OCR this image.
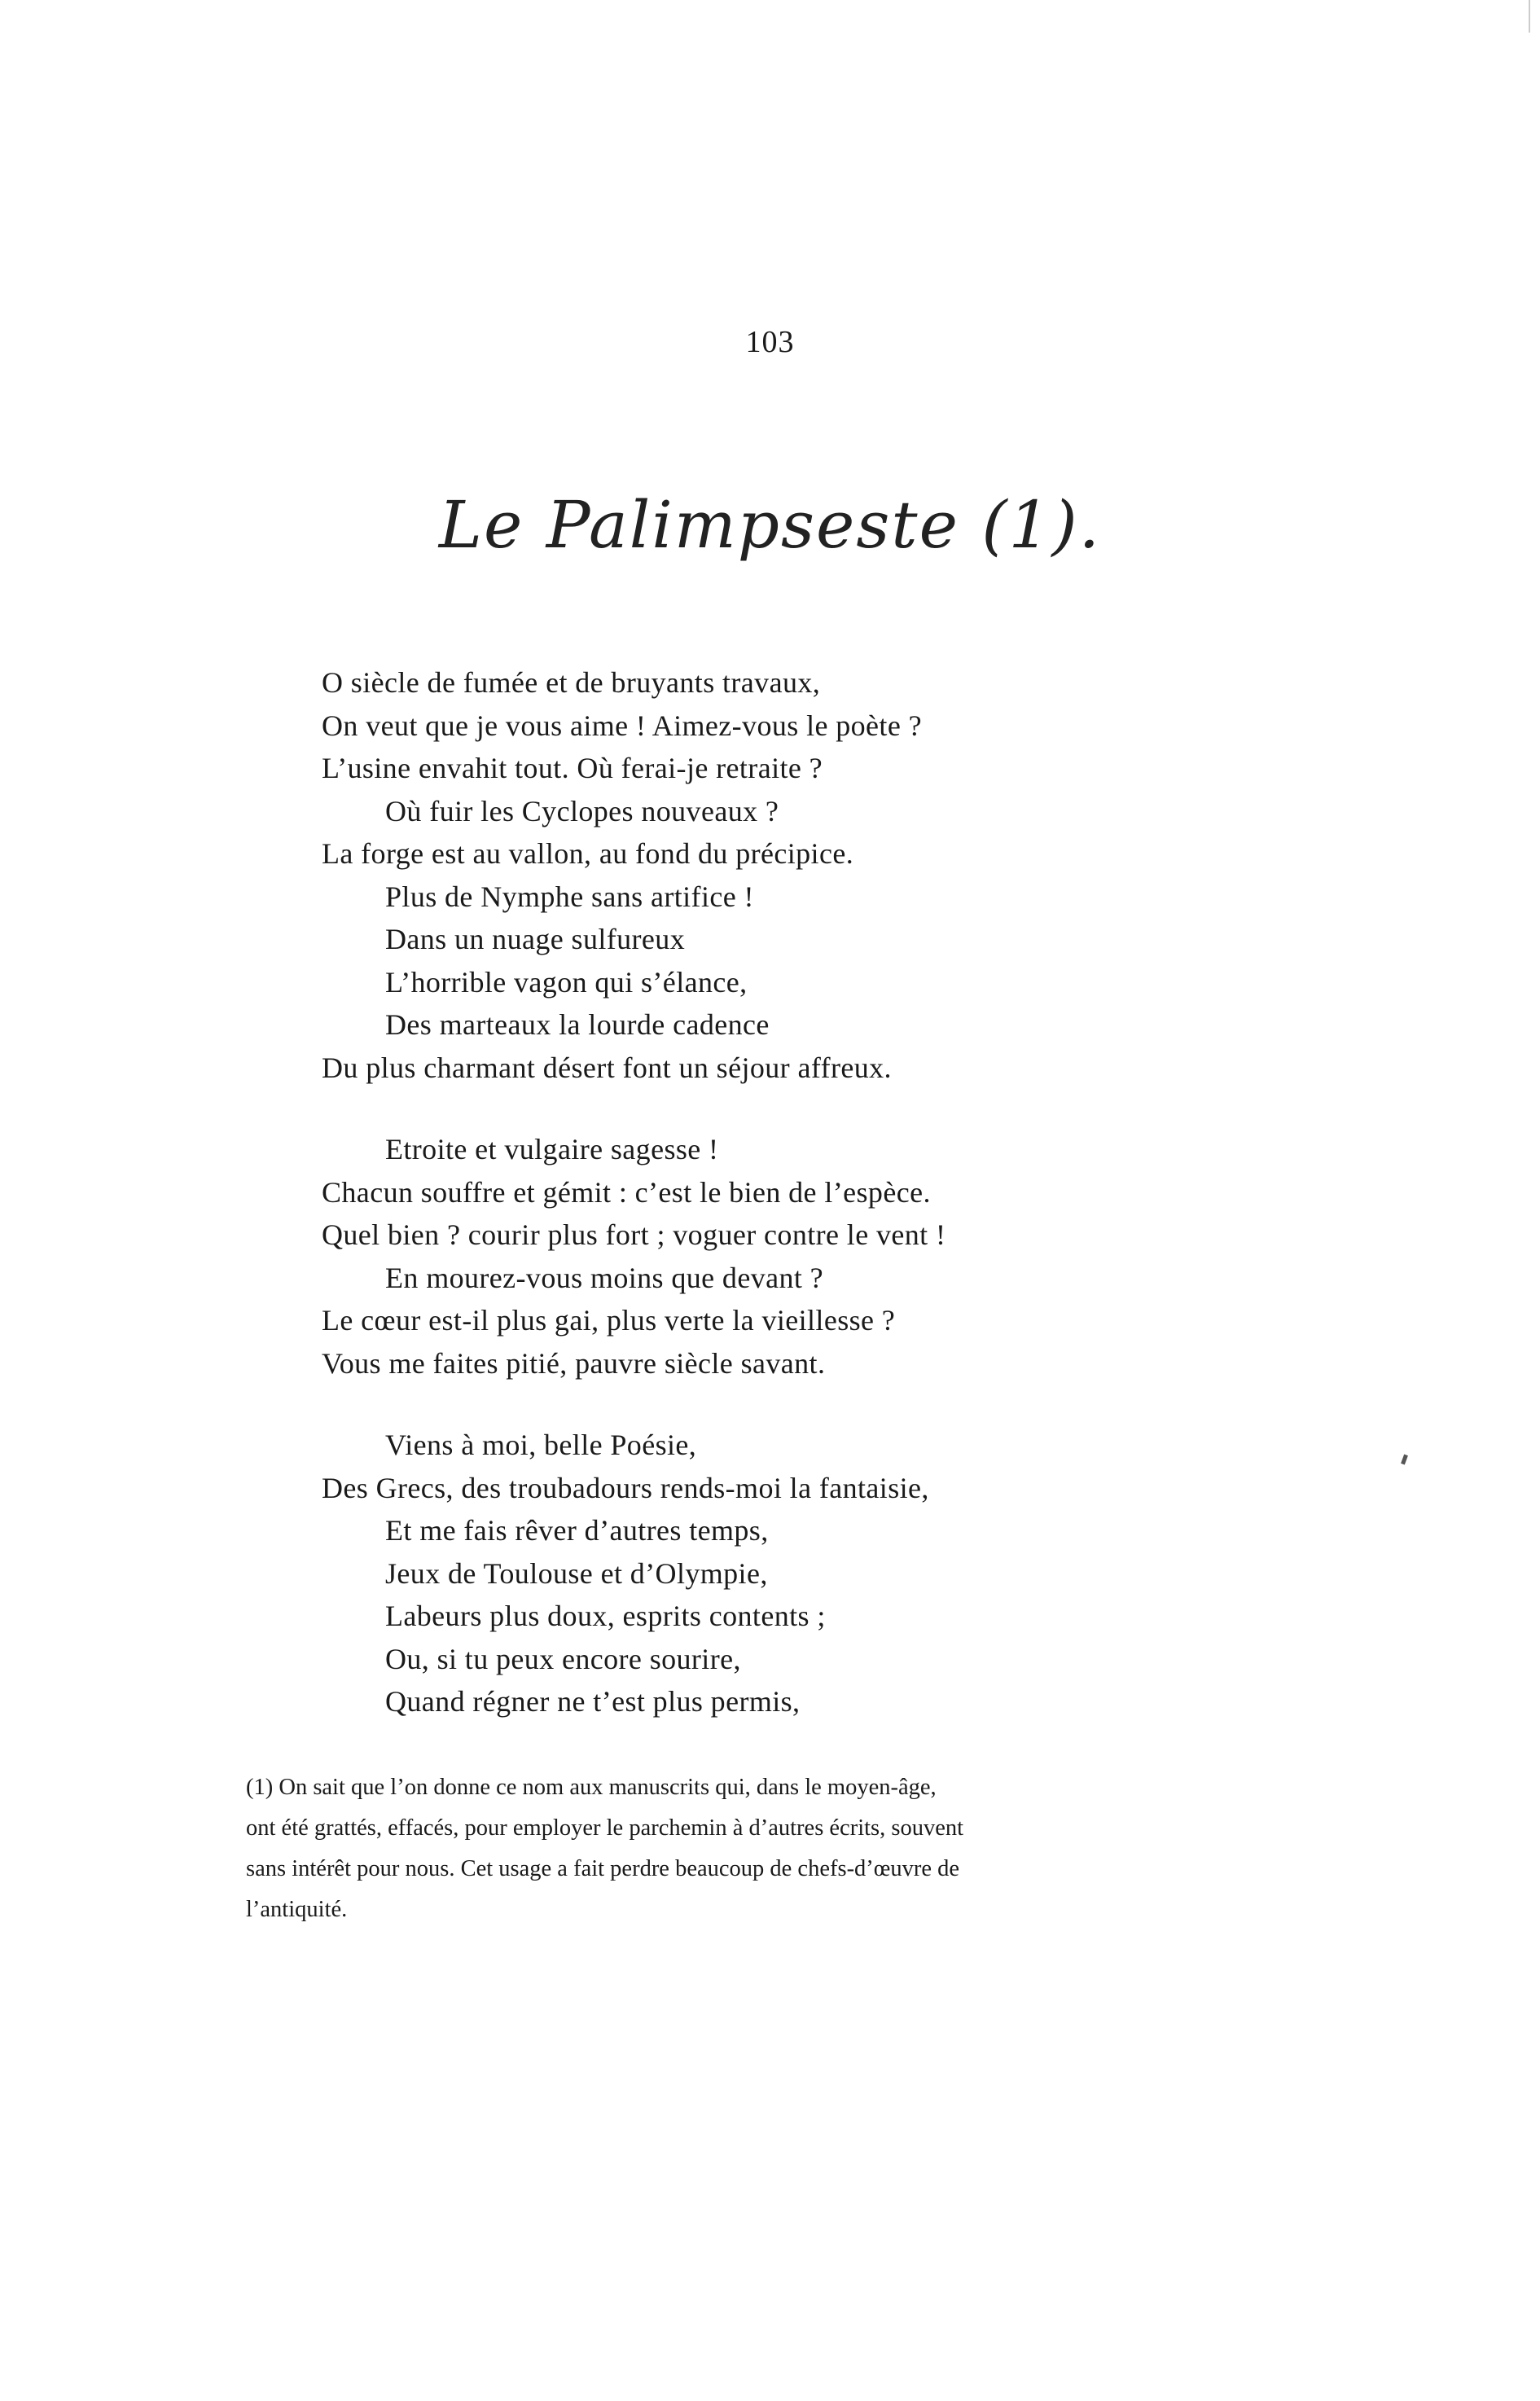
103
Le Palimpseste (1).
O siècle de fumée et de bruyants travaux,
On veut que je vous aime ! Aimez-vous le poète ?
L’usine envahit tout. Où ferai-je retraite ?
Où fuir les Cyclopes nouveaux ?
La forge est au vallon, au fond du précipice.
Plus de Nymphe sans artifice !
Dans un nuage sulfureux
L’horrible vagon qui s’élance,
Des marteaux la lourde cadence
Du plus charmant désert font un séjour affreux.
Etroite et vulgaire sagesse !
Chacun souffre et gémit : c’est le bien de l’espèce.
Quel bien ? courir plus fort ; voguer contre le vent !
En mourez-vous moins que devant ?
Le cœur est-il plus gai, plus verte la vieillesse ?
Vous me faites pitié, pauvre siècle savant.
Viens à moi, belle Poésie,
Des Grecs, des troubadours rends-moi la fantaisie,
Et me fais rêver d’autres temps,
Jeux de Toulouse et d’Olympie,
Labeurs plus doux, esprits contents ;
Ou, si tu peux encore sourire,
Quand régner ne t’est plus permis,
(1) On sait que l’on donne ce nom aux manuscrits qui, dans le moyen-âge,
ont été grattés, effacés, pour employer le parchemin à d’autres écrits, souvent
sans intérêt pour nous. Cet usage a fait perdre beaucoup de chefs-d’œuvre de
l’antiquité.
